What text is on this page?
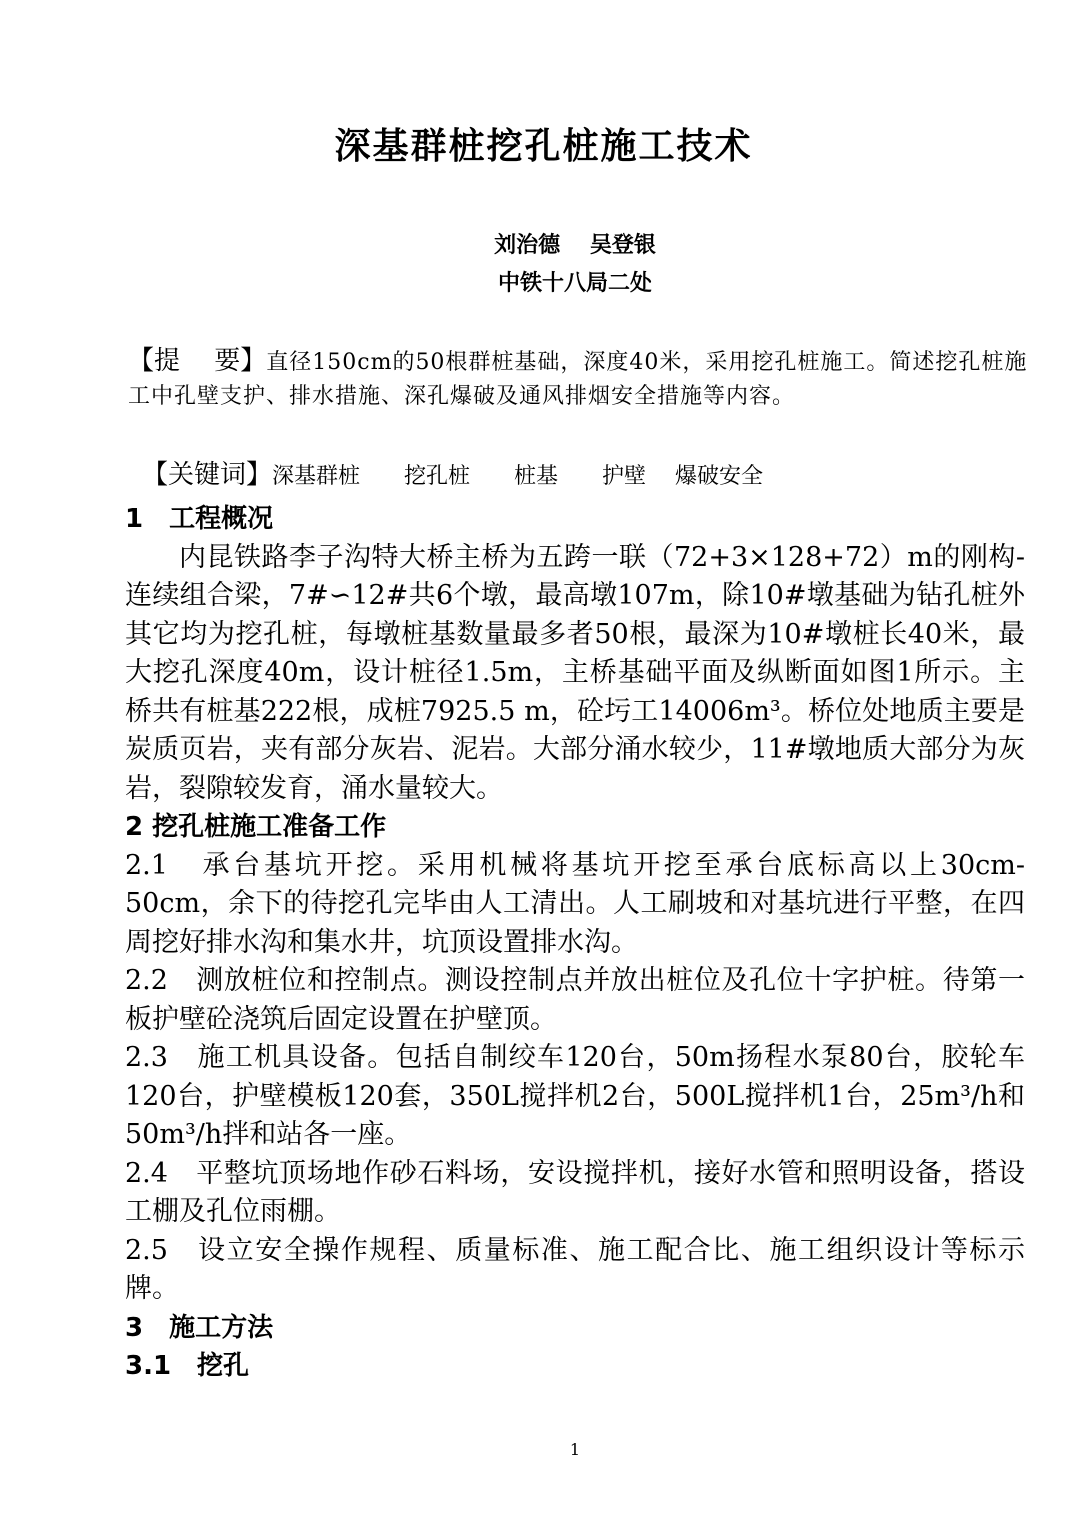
深基群桩挖孔桩施工技术
刘治德　 吴登银
中铁十八局二处
【提　 要】直径150cm的50根群桩基础，深度40米，采用挖孔桩施工。简述挖孔桩施工中孔壁支护、排水措施、深孔爆破及通风排烟安全措施等内容。

【关键词】深基群桩　　挖孔桩　　桩基　　护壁　 爆破安全

1　工程概况

内昆铁路李子沟特大桥主桥为五跨一联（72+3×128+72）m的刚构-连续组合梁，7#∽12#共6个墩，最高墩107m，除10#墩基础为钻孔桩外其它均为挖孔桩，每墩桩基数量最多者50根，最深为10#墩桩长40米，最大挖孔深度40m，设计桩径1.5m，主桥基础平面及纵断面如图1所示。主桥共有桩基222根，成桩7925.5 m，砼圬工14006m³。桥位处地质主要是炭质页岩，夹有部分灰岩、泥岩。大部分涌水较少，11#墩地质大部分为灰岩，裂隙较发育，涌水量较大。

2 挖孔桩施工准备工作

2.1　承台基坑开挖。采用机械将基坑开挖至承台底标高以上30cm-50cm，余下的待挖孔完毕由人工清出。人工刷坡和对基坑进行平整，在四周挖好排水沟和集水井，坑顶设置排水沟。

2.2　测放桩位和控制点。测设控制点并放出桩位及孔位十字护桩。待第一板护壁砼浇筑后固定设置在护壁顶。

2.3　施工机具设备。包括自制绞车120台，50m扬程水泵80台，胶轮车120台，护壁模板120套，350L搅拌机2台，500L搅拌机1台，25m³/h和50m³/h拌和站各一座。

2.4　平整坑顶场地作砂石料场，安设搅拌机，接好水管和照明设备，搭设工棚及孔位雨棚。

2.5　设立安全操作规程、质量标准、施工配合比、施工组织设计等标示牌。

3　施工方法

3.1　挖孔

1
